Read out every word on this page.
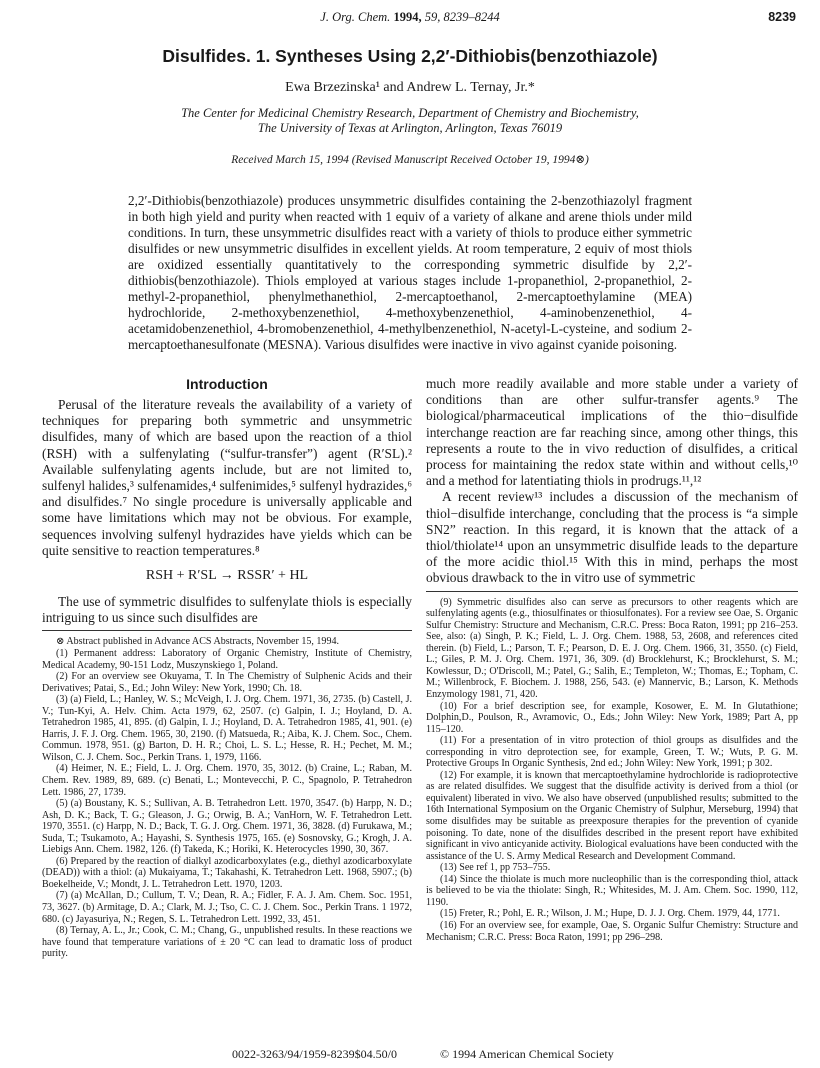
J. Org. Chem. 1994, 59, 8239–8244	8239
Disulfides. 1. Syntheses Using 2,2′-Dithiobis(benzothiazole)
Ewa Brzezinska¹ and Andrew L. Ternay, Jr.*
The Center for Medicinal Chemistry Research, Department of Chemistry and Biochemistry,
The University of Texas at Arlington, Arlington, Texas 76019
Received March 15, 1994 (Revised Manuscript Received October 19, 1994⊗)

2,2′-Dithiobis(benzothiazole) produces unsymmetric disulfides containing the 2-benzothiazolyl fragment in both high yield and purity when reacted with 1 equiv of a variety of alkane and arene thiols under mild conditions. In turn, these unsymmetric disulfides react with a variety of thiols to produce either symmetric disulfides or new unsymmetric disulfides in excellent yields. At room temperature, 2 equiv of most thiols are oxidized essentially quantitatively to the corresponding symmetric disulfide by 2,2′-dithiobis(benzothiazole). Thiols employed at various stages include 1-propanethiol, 2-propanethiol, 2-methyl-2-propanethiol, phenylmethanethiol, 2-mercaptoethanol, 2-mercaptoethylamine (MEA) hydrochloride, 2-methoxybenzenethiol, 4-methoxybenzenethiol, 4-aminobenzenethiol, 4-acetamidobenzenethiol, 4-bromobenzenethiol, 4-methylbenzenethiol, N-acetyl-L-cysteine, and sodium 2-mercaptoethanesulfonate (MESNA). Various disulfides were inactive in vivo against cyanide poisoning.

Introduction

Perusal of the literature reveals the availability of a variety of techniques for preparing both symmetric and unsymmetric disulfides, many of which are based upon the reaction of a thiol (RSH) with a sulfenylating (“sulfur-transfer”) agent (R′SL).² Available sulfenylating agents include, but are not limited to, sulfenyl halides,³ sulfenamides,⁴ sulfenimides,⁵ sulfenyl hydrazides,⁶ and disulfides.⁷ No single procedure is universally applicable and some have limitations which may not be obvious. For example, sequences involving sulfenyl hydrazides have yields which can be quite sensitive to reaction temperatures.⁸

RSH + R′SL → RSSR′ + HL

The use of symmetric disulfides to sulfenylate thiols is especially intriguing to us since such disulfides are

⊗ Abstract published in Advance ACS Abstracts, November 15, 1994.

(1) Permanent address: Laboratory of Organic Chemistry, Institute of Chemistry, Medical Academy, 90-151 Lodz, Muszynskiego 1, Poland.

(2) For an overview see Okuyama, T. In The Chemistry of Sulphenic Acids and their Derivatives; Patai, S., Ed.; John Wiley: New York, 1990; Ch. 18.

(3) (a) Field, L.; Hanley, W. S.; McVeigh, I. J. Org. Chem. 1971, 36, 2735. (b) Castell, J. V.; Tun-Kyi, A. Helv. Chim. Acta 1979, 62, 2507. (c) Galpin, I. J.; Hoyland, D. A. Tetrahedron 1985, 41, 895. (d) Galpin, I. J.; Hoyland, D. A. Tetrahedron 1985, 41, 901. (e) Harris, J. F. J. Org. Chem. 1965, 30, 2190. (f) Matsueda, R.; Aiba, K. J. Chem. Soc., Chem. Commun. 1978, 951. (g) Barton, D. H. R.; Choi, L. S. L.; Hesse, R. H.; Pechet, M. M.; Wilson, C. J. Chem. Soc., Perkin Trans. 1, 1979, 1166.

(4) Heimer, N. E.; Field, L. J. Org. Chem. 1970, 35, 3012. (b) Craine, L.; Raban, M. Chem. Rev. 1989, 89, 689. (c) Benati, L.; Montevecchi, P. C., Spagnolo, P. Tetrahedron Lett. 1986, 27, 1739.

(5) (a) Boustany, K. S.; Sullivan, A. B. Tetrahedron Lett. 1970, 3547. (b) Harpp, N. D.; Ash, D. K.; Back, T. G.; Gleason, J. G.; Orwig, B. A.; VanHorn, W. F. Tetrahedron Lett. 1970, 3551. (c) Harpp, N. D.; Back, T. G. J. Org. Chem. 1971, 36, 3828. (d) Furukawa, M.; Suda, T.; Tsukamoto, A.; Hayashi, S. Synthesis 1975, 165. (e) Sosnovsky, G.; Krogh, J. A. Liebigs Ann. Chem. 1982, 126. (f) Takeda, K.; Horiki, K. Heterocycles 1990, 30, 367.

(6) Prepared by the reaction of dialkyl azodicarboxylates (e.g., diethyl azodicarboxylate (DEAD)) with a thiol: (a) Mukaiyama, T.; Takahashi, K. Tetrahedron Lett. 1968, 5907.; (b) Boekelheide, V.; Mondt, J. L. Tetrahedron Lett. 1970, 1203.

(7) (a) McAllan, D.; Cullum, T. V.; Dean, R. A.; Fidler, F. A. J. Am. Chem. Soc. 1951, 73, 3627. (b) Armitage, D. A.; Clark, M. J.; Tso, C. C. J. Chem. Soc., Perkin Trans. 1 1972, 680. (c) Jayasuriya, N.; Regen, S. L. Tetrahedron Lett. 1992, 33, 451.

(8) Ternay, A. L., Jr.; Cook, C. M.; Chang, G., unpublished results. In these reactions we have found that temperature variations of ± 20 °C can lead to dramatic loss of product purity.

much more readily available and more stable under a variety of conditions than are other sulfur-transfer agents.⁹ The biological/pharmaceutical implications of the thio−disulfide interchange reaction are far reaching since, among other things, this represents a route to the in vivo reduction of disulfides, a critical process for maintaining the redox state within and without cells,¹⁰ and a method for latentiating thiols in prodrugs.¹¹,¹²

A recent review¹³ includes a discussion of the mechanism of thiol−disulfide interchange, concluding that the process is “a simple SN2” reaction. In this regard, it is known that the attack of a thiol/thiolate¹⁴ upon an unsymmetric disulfide leads to the departure of the more acidic thiol.¹⁵ With this in mind, perhaps the most obvious drawback to the in vitro use of symmetric

(9) Symmetric disulfides also can serve as precursors to other reagents which are sulfenylating agents (e.g., thiosulfinates or thiosulfonates). For a review see Oae, S. Organic Sulfur Chemistry: Structure and Mechanism, C.R.C. Press: Boca Raton, 1991; pp 216–253. See, also: (a) Singh, P. K.; Field, L. J. Org. Chem. 1988, 53, 2608, and references cited therein. (b) Field, L.; Parson, T. F.; Pearson, D. E. J. Org. Chem. 1966, 31, 3550. (c) Field, L.; Giles, P. M. J. Org. Chem. 1971, 36, 309. (d) Brocklehurst, K.; Brocklehurst, S. M.; Kowlessur, D.; O'Driscoll, M.; Patel, G.; Salih, E.; Templeton, W.; Thomas, E.; Topham, C. M.; Willenbrock, F. Biochem. J. 1988, 256, 543. (e) Mannervic, B.; Larson, K. Methods Enzymology 1981, 71, 420.

(10) For a brief description see, for example, Kosower, E. M. In Glutathione; Dolphin,D., Poulson, R., Avramovic, O., Eds.; John Wiley: New York, 1989; Part A, pp 115–120.

(11) For a presentation of in vitro protection of thiol groups as disulfides and the corresponding in vitro deprotection see, for example, Green, T. W.; Wuts, P. G. M. Protective Groups In Organic Synthesis, 2nd ed.; John Wiley: New York, 1991; p 302.

(12) For example, it is known that mercaptoethylamine hydrochloride is radioprotective as are related disulfides. We suggest that the disulfide activity is derived from a thiol (or equivalent) liberated in vivo. We also have observed (unpublished results; submitted to the 16th International Symposium on the Organic Chemistry of Sulphur, Merseburg, 1994) that some disulfides may be suitable as preexposure therapies for the prevention of cyanide poisoning. To date, none of the disulfides described in the present report have exhibited significant in vivo anticyanide activity. Biological evaluations have been conducted with the assistance of the U. S. Army Medical Research and Development Command.

(13) See ref 1, pp 753–755.

(14) Since the thiolate is much more nucleophilic than is the corresponding thiol, attack is believed to be via the thiolate: Singh, R.; Whitesides, M. J. Am. Chem. Soc. 1990, 112, 1190.

(15) Freter, R.; Pohl, E. R.; Wilson, J. M.; Hupe, D. J. J. Org. Chem. 1979, 44, 1771.

(16) For an overview see, for example, Oae, S. Organic Sulfur Chemistry: Structure and Mechanism; C.R.C. Press: Boca Raton, 1991; pp 296–298.

0022-3263/94/1959-8239$04.50/0	© 1994 American Chemical Society
